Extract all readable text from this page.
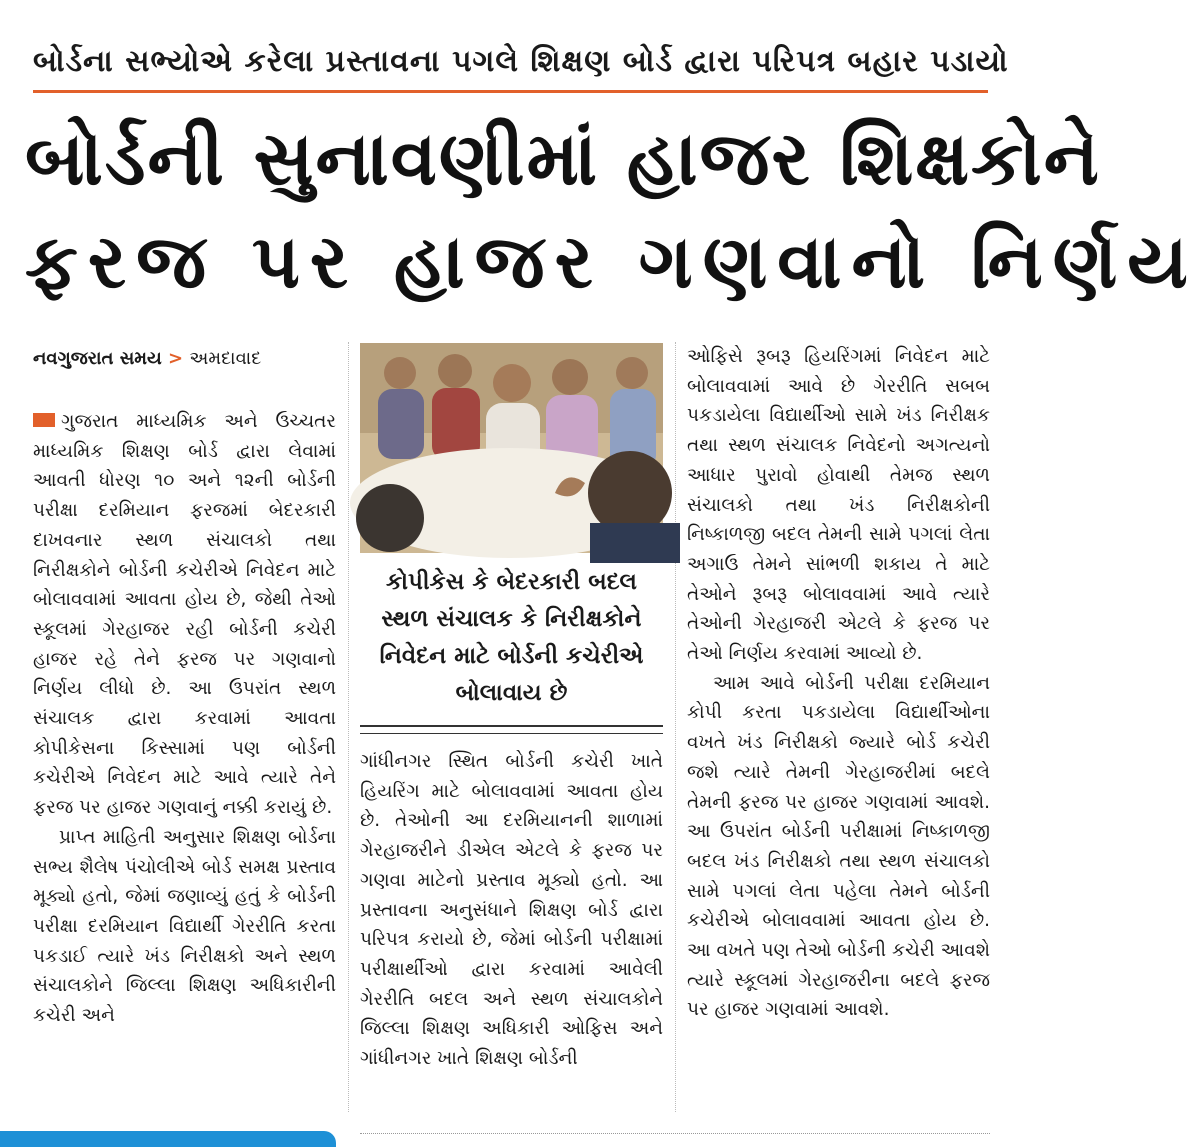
બોર્ડના સભ્યોએ કરેલા પ્રસ્તાવના પગલે શિક્ષણ બોર્ડ દ્વારા પરિપત્ર બહાર પડાયો
બોર્ડની સુનાવણીમાં હાજર શિક્ષકોને
ફરજ પર હાજર ગણવાનો નિર્ણય
નવગુજરાત સમય > અમદાવાદ

ગુજરાત માધ્યમિક અને ઉચ્ચતર માધ્યમિક શિક્ષણ બોર્ડ દ્વારા લેવામાં આવતી ધોરણ ૧૦ અને ૧૨ની બોર્ડની પરીક્ષા દરમિયાન ફરજમાં બેદરકારી દાખવનાર સ્થળ સંચાલકો તથા નિરીક્ષકોને બોર્ડની કચેરીએ નિવેદન માટે બોલાવવામાં આવતા હોય છે, જેથી તેઓ સ્કૂલમાં ગેરહાજર રહી બોર્ડની કચેરી હાજર રહે તેને ફરજ પર ગણવાનો નિર્ણય લીધો છે. આ ઉપરાંત સ્થળ સંચાલક દ્વારા કરવામાં આવતા કોપીકેસના કિસ્સામાં પણ બોર્ડની કચેરીએ નિવેદન માટે આવે ત્યારે તેને ફરજ પર હાજર ગણવાનું નક્કી કરાયું છે.

પ્રાપ્ત માહિતી અનુસાર શિક્ષણ બોર્ડના સભ્ય શૈલેષ પંચોલીએ બોર્ડ સમક્ષ પ્રસ્તાવ મૂક્યો હતો, જેમાં જણાવ્યું હતું કે બોર્ડની પરીક્ષા દરમિયાન વિદ્યાર્થી ગેરરીતિ કરતા પકડાઈ ત્યારે ખંડ નિરીક્ષકો અને સ્થળ સંચાલકોને જિલ્લા શિક્ષણ અધિકારીની કચેરી અને

કોપીકેસ કે બેદરકારી બદલ સ્થળ સંચાલક કે નિરીક્ષકોને નિવેદન માટે બોર્ડની કચેરીએ બોલાવાય છે

ગાંધીનગર સ્થિત બોર્ડની કચેરી ખાતે હિયરિંગ માટે બોલાવવામાં આવતા હોય છે. તેઓની આ દરમિયાનની શાળામાં ગેરહાજરીને ડીએલ એટલે કે ફરજ પર ગણવા માટેનો પ્રસ્તાવ મૂક્યો હતો. આ પ્રસ્તાવના અનુસંધાને શિક્ષણ બોર્ડ દ્વારા પરિપત્ર કરાયો છે, જેમાં બોર્ડની પરીક્ષામાં પરીક્ષાર્થીઓ દ્વારા કરવામાં આવેલી ગેરરીતિ બદલ અને સ્થળ સંચાલકોને જિલ્લા શિક્ષણ અધિકારી ઓફિસ અને ગાંધીનગર ખાતે શિક્ષણ બોર્ડની

ઓફિસે રૂબરૂ હિયરિંગમાં નિવેદન માટે બોલાવવામાં આવે છે ગેરરીતિ સબબ પકડાયેલા વિદ્યાર્થીઓ સામે ખંડ નિરીક્ષક તથા સ્થળ સંચાલક નિવેદનો અગત્યનો આધાર પુરાવો હોવાથી તેમજ સ્થળ સંચાલકો તથા ખંડ નિરીક્ષકોની નિષ્કાળજી બદલ તેમની સામે પગલાં લેતા અગાઉ તેમને સાંભળી શકાય તે માટે તેઓને રૂબરૂ બોલાવવામાં આવે ત્યારે તેઓની ગેરહાજરી એટલે કે ફરજ પર તેઓ નિર્ણય કરવામાં આવ્યો છે.

આમ આવે બોર્ડની પરીક્ષા દરમિયાન કોપી કરતા પકડાયેલા વિદ્યાર્થીઓના વખતે ખંડ નિરીક્ષકો જ્યારે બોર્ડ કચેરી જશે ત્યારે તેમની ગેરહાજરીમાં બદલે તેમની ફરજ પર હાજર ગણવામાં આવશે. આ ઉપરાંત બોર્ડની પરીક્ષામાં નિષ્કાળજી બદલ ખંડ નિરીક્ષકો તથા સ્થળ સંચાલકો સામે પગલાં લેતા પહેલા તેમને બોર્ડની કચેરીએ બોલાવવામાં આવતા હોય છે. આ વખતે પણ તેઓ બોર્ડની કચેરી આવશે ત્યારે સ્કૂલમાં ગેરહાજરીના બદલે ફરજ પર હાજર ગણવામાં આવશે.
